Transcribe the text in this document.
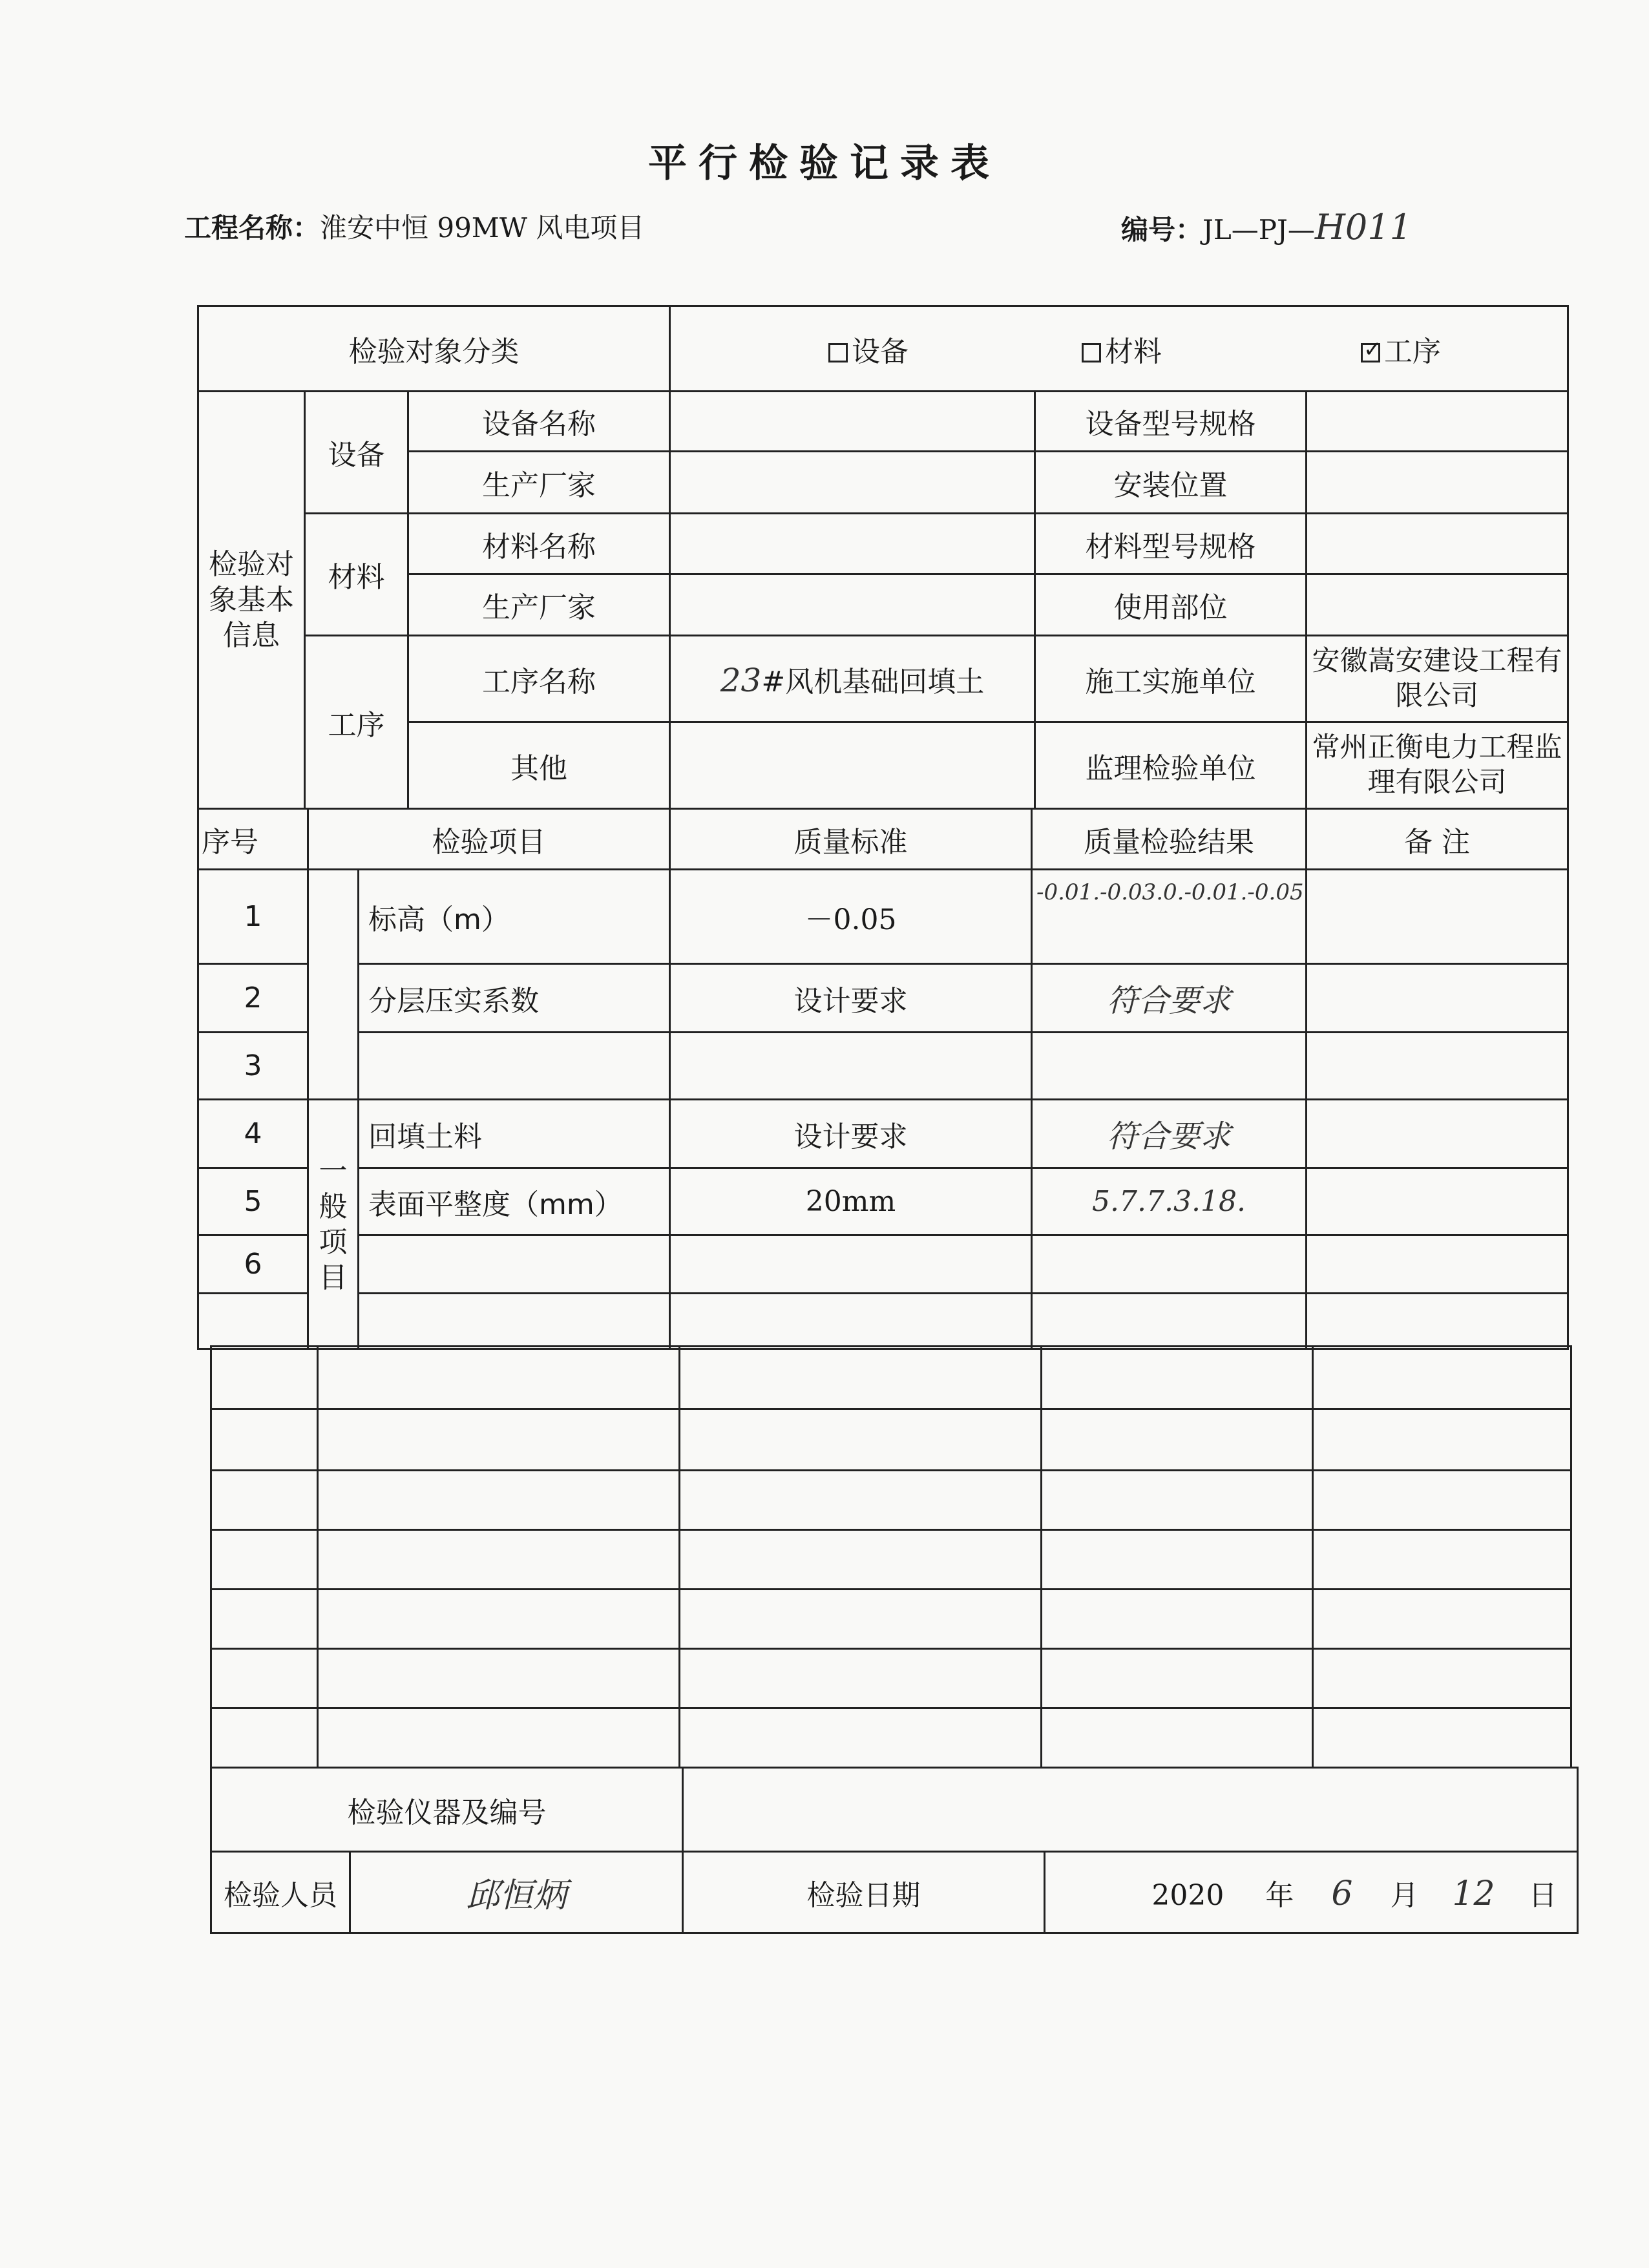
平行检验记录表
工程名称：淮安中恒 99MW 风电项目	编号：JL—PJ—H011
检验对象分类			设备 材料 ✓ 工序		
检验对象基本信息	设备	设备名称		设备型号规格	
		生产厂家		安装位置	
	材料	材料名称		材料型号规格	
		生产厂家		使用部位	
	工序	工序名称	23#风机基础回填土	施工实施单位	安徽嵩安建设工程有限公司
		其他		监理检验单位	常州正衡电力工程监理有限公司
序号	检验项目		质量标准	质量检验结果	备 注
1		标高（m）	－0.05	-0.01.-0.03.0.-0.01.-0.05	
2		分层压实系数	设计要求	符合要求	
3					
4	一般项目	回填土料	设计要求	符合要求	
5		表面平整度（mm）	20mm	5.7.7.3.18.	
6					

检验仪器及编号			
检验人员	邱恒炳	检验日期	2020 年 6 月 12 日
